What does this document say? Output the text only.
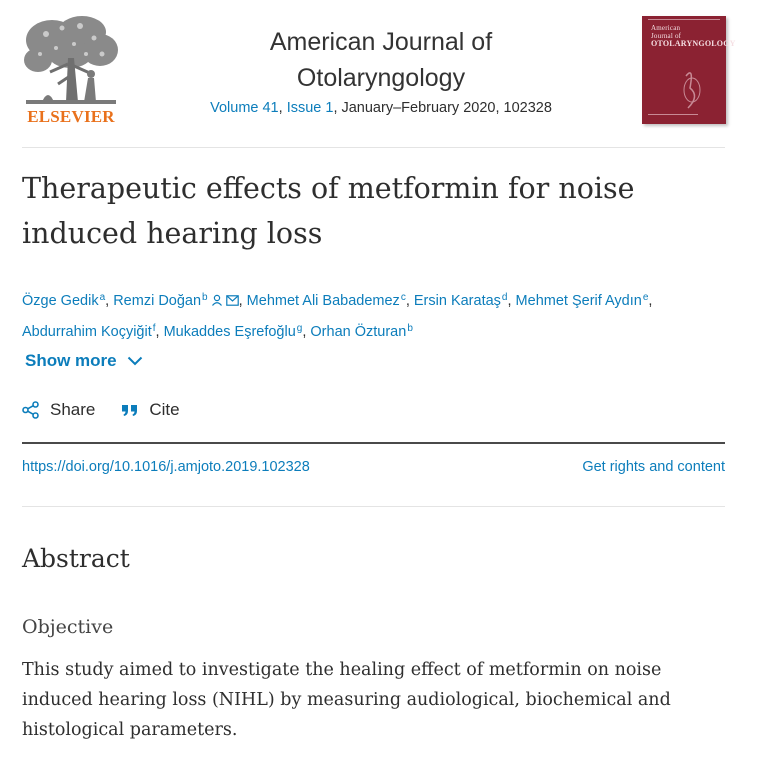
ELSEVIER
American Journal of
Otolaryngology
Volume 41, Issue 1, January–February 2020, 102328
American
Journal of
OTOLARYNGOLOGY
Therapeutic effects of metformin for noise induced hearing loss
Özge Gedik$^a$, Remzi Doğan$^b$ , Mehmet Ali Babademez$^c$, Ersin Karataş$^d$, Mehmet Şerif Aydın$^e$, Abdurrahim Koçyiğit$^f$, Mukaddes Eşrefoğlu$^g$, Orhan Özturan$^b$
Show more
Share	Cite
https://doi.org/10.1016/j.amjoto.2019.102328	Get rights and content
Abstract
Objective

This study aimed to investigate the healing effect of metformin on noise induced hearing loss (NIHL) by measuring audiological, biochemical and histological parameters.
